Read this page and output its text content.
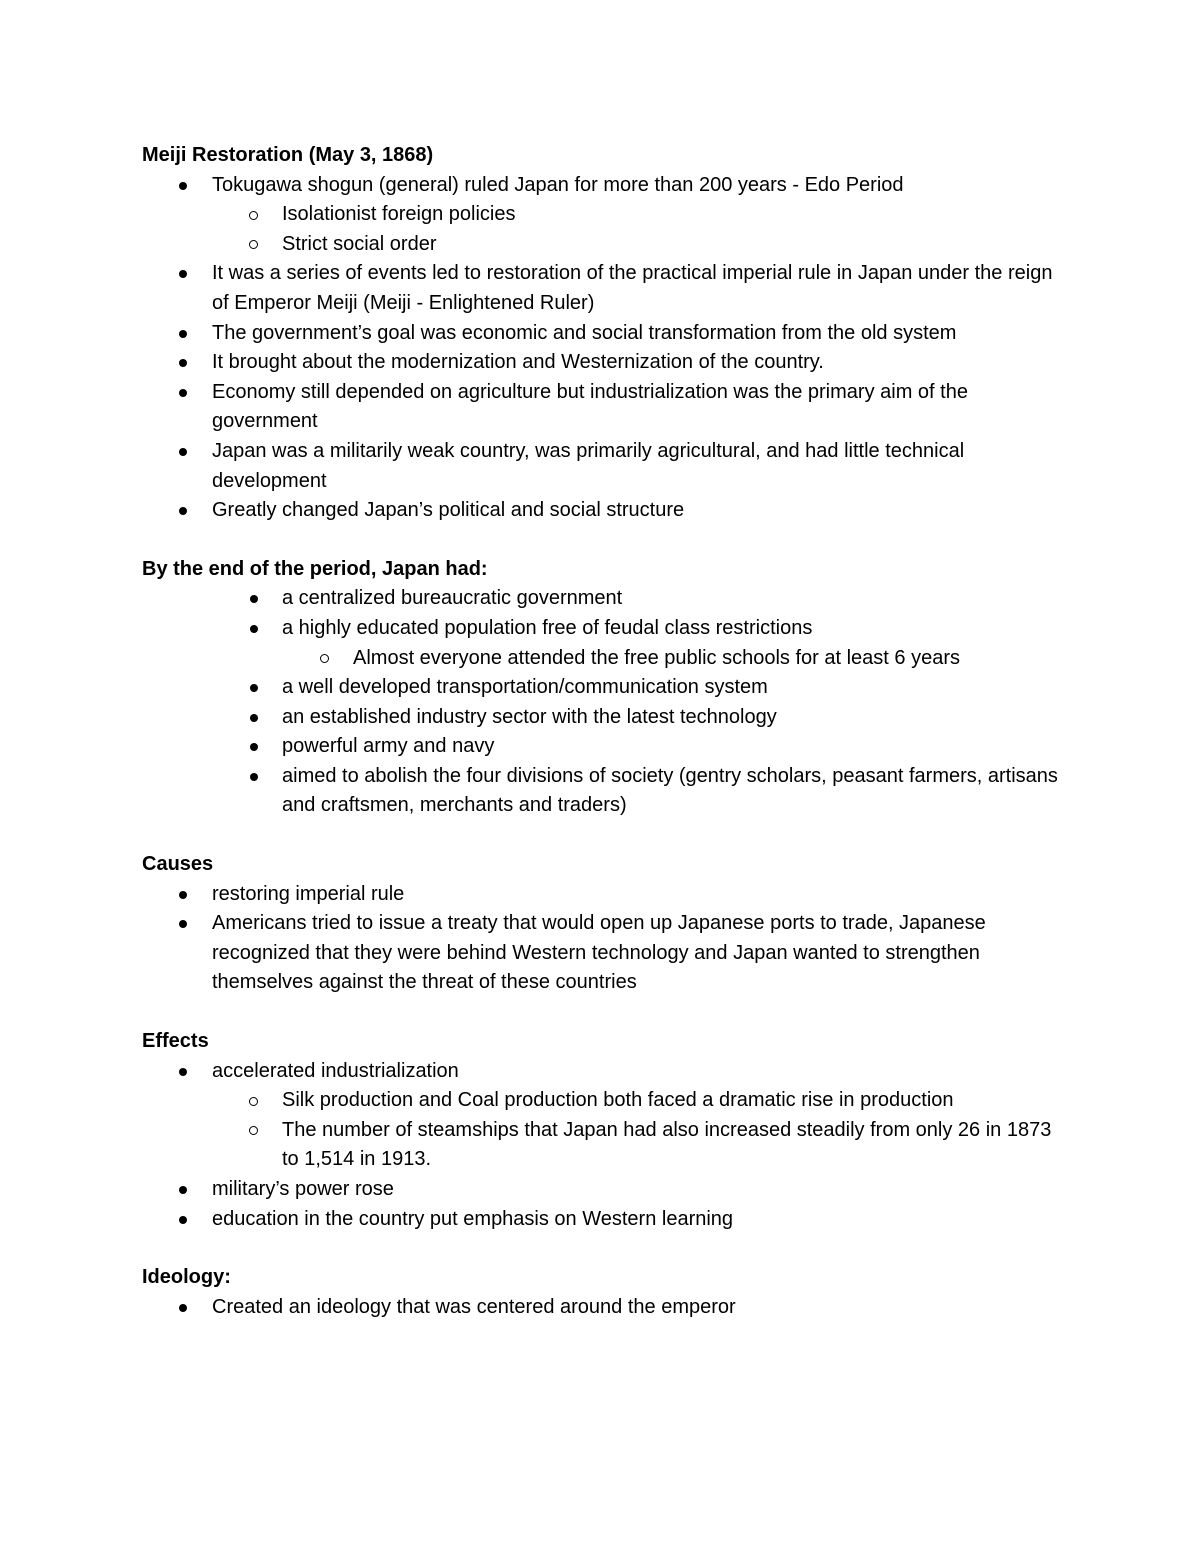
Meiji Restoration (May 3, 1868)

Tokugawa shogun (general) ruled Japan for more than 200 years - Edo Period
Isolationist foreign policies
Strict social order
It was a series of events led to restoration of the practical imperial rule in Japan under the reign of Emperor Meiji (Meiji - Enlightened Ruler)
The government’s goal was economic and social transformation from the old system
It brought about the modernization and Westernization of the country.
Economy still depended on agriculture but industrialization was the primary aim of the government
Japan was a militarily weak country, was primarily agricultural, and had little technical development
Greatly changed Japan’s political and social structure

By the end of the period, Japan had:

a centralized bureaucratic government
a highly educated population free of feudal class restrictions
Almost everyone attended the free public schools for at least 6 years
a well developed transportation/communication system
an established industry sector with the latest technology
powerful army and navy
aimed to abolish the four divisions of society (gentry scholars, peasant farmers, artisans and craftsmen, merchants and traders)

Causes

restoring imperial rule
Americans tried to issue a treaty that would open up Japanese ports to trade, Japanese recognized that they were behind Western technology and Japan wanted to strengthen themselves against the threat of these countries

Effects

accelerated industrialization
Silk production and Coal production both faced a dramatic rise in production
The number of steamships that Japan had also increased steadily from only 26 in 1873 to 1,514 in 1913.
military’s power rose
education in the country put emphasis on Western learning

Ideology:

Created an ideology that was centered around the emperor
